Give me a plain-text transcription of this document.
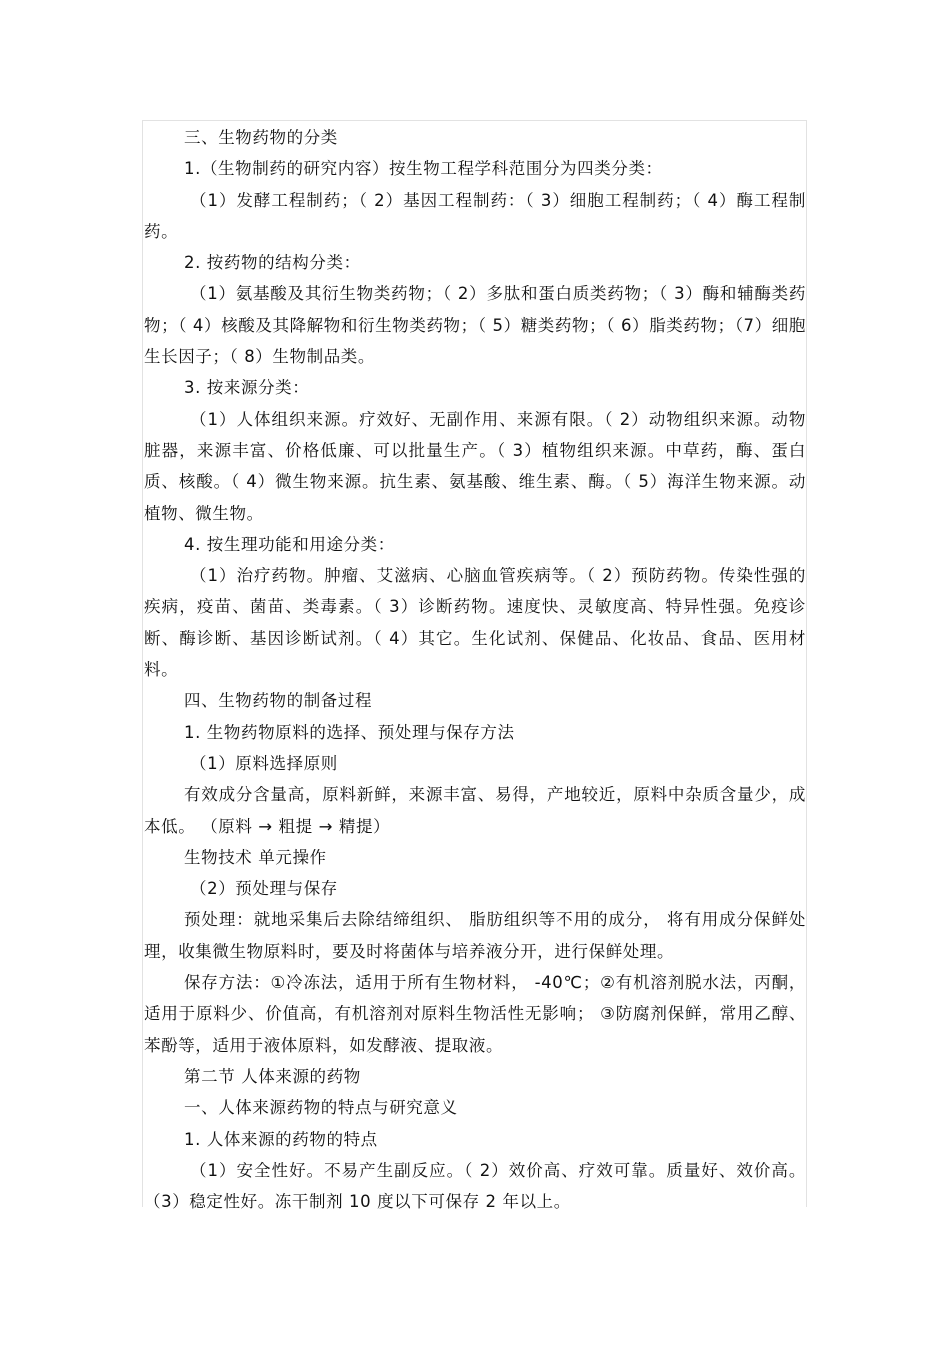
三、生物药物的分类

1.（生物制药的研究内容）按生物工程学科范围分为四类分类：

（1）发酵工程制药；（ 2）基因工程制药：（ 3）细胞工程制药；（ 4）酶工程制药。

2. 按药物的结构分类：

（1）氨基酸及其衍生物类药物；（ 2）多肽和蛋白质类药物；（ 3）酶和辅酶类药物；（ 4）核酸及其降解物和衍生物类药物；（ 5）糖类药物；（ 6）脂类药物；（7）细胞生长因子；（ 8）生物制品类。

3. 按来源分类：

（1）人体组织来源。疗效好、无副作用、来源有限。（ 2）动物组织来源。动物脏器，来源丰富、价格低廉、可以批量生产。（ 3）植物组织来源。中草药，酶、蛋白质、核酸。（ 4）微生物来源。抗生素、氨基酸、维生素、酶。（ 5）海洋生物来源。动植物、微生物。

4. 按生理功能和用途分类：

（1）治疗药物。肿瘤、艾滋病、心脑血管疾病等。（ 2）预防药物。传染性强的疾病，疫苗、菌苗、类毒素。（ 3）诊断药物。速度快、灵敏度高、特异性强。免疫诊断、酶诊断、基因诊断试剂。（ 4）其它。生化试剂、保健品、化妆品、食品、医用材料。

四、生物药物的制备过程

1. 生物药物原料的选择、预处理与保存方法

（1）原料选择原则

有效成分含量高，原料新鲜，来源丰富、易得，产地较近，原料中杂质含量少，成本低。 （原料 → 粗提 → 精提）

生物技术 单元操作

（2）预处理与保存

预处理：就地采集后去除结缔组织、 脂肪组织等不用的成分， 将有用成分保鲜处理，收集微生物原料时，要及时将菌体与培养液分开，进行保鲜处理。

保存方法：①冷冻法，适用于所有生物材料， -40℃；②有机溶剂脱水法，丙酮，适用于原料少、价值高，有机溶剂对原料生物活性无影响； ③防腐剂保鲜，常用乙醇、苯酚等，适用于液体原料，如发酵液、提取液。

第二节 人体来源的药物

一、人体来源药物的特点与研究意义

1. 人体来源的药物的特点

（1）安全性好。不易产生副反应。（ 2）效价高、疗效可靠。质量好、效价高。（3）稳定性好。冻干制剂 10 度以下可保存 2 年以上。
